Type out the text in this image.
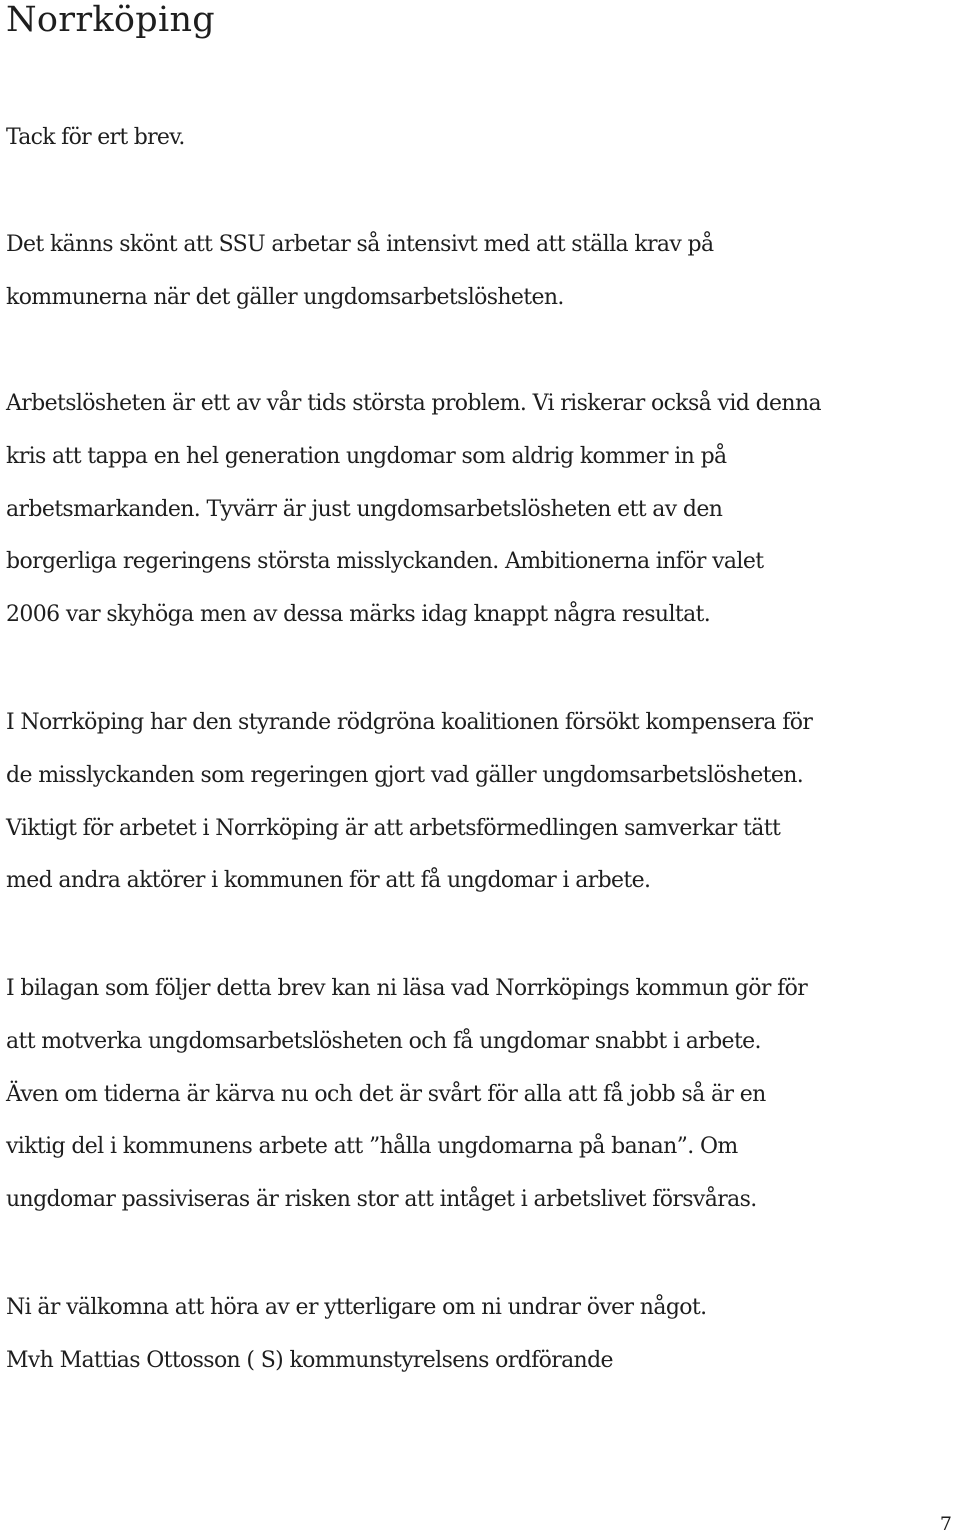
Norrköping

Tack för ert brev.

Det känns skönt att SSU arbetar så intensivt med att ställa krav på
kommunerna när det gäller ungdomsarbetslösheten.

Arbetslösheten är ett av vår tids största problem. Vi riskerar också vid denna
kris att tappa en hel generation ungdomar som aldrig kommer in på
arbetsmarkanden. Tyvärr är just ungdomsarbetslösheten ett av den
borgerliga regeringens största misslyckanden. Ambitionerna inför valet
2006 var skyhöga men av dessa märks idag knappt några resultat.

I Norrköping har den styrande rödgröna koalitionen försökt kompensera för
de misslyckanden som regeringen gjort vad gäller ungdomsarbetslösheten.
Viktigt för arbetet i Norrköping är att arbetsförmedlingen samverkar tätt
med andra aktörer i kommunen för att få ungdomar i arbete.

I bilagan som följer detta brev kan ni läsa vad Norrköpings kommun gör för
att motverka ungdomsarbetslösheten och få ungdomar snabbt i arbete.
Även om tiderna är kärva nu och det är svårt för alla att få jobb så är en
viktig del i kommunens arbete att ”hålla ungdomarna på banan”. Om
ungdomar passiviseras är risken stor att intåget i arbetslivet försvåras.

Ni är välkomna att höra av er ytterligare om ni undrar över något.
Mvh Mattias Ottosson ( S) kommunstyrelsens ordförande

7
